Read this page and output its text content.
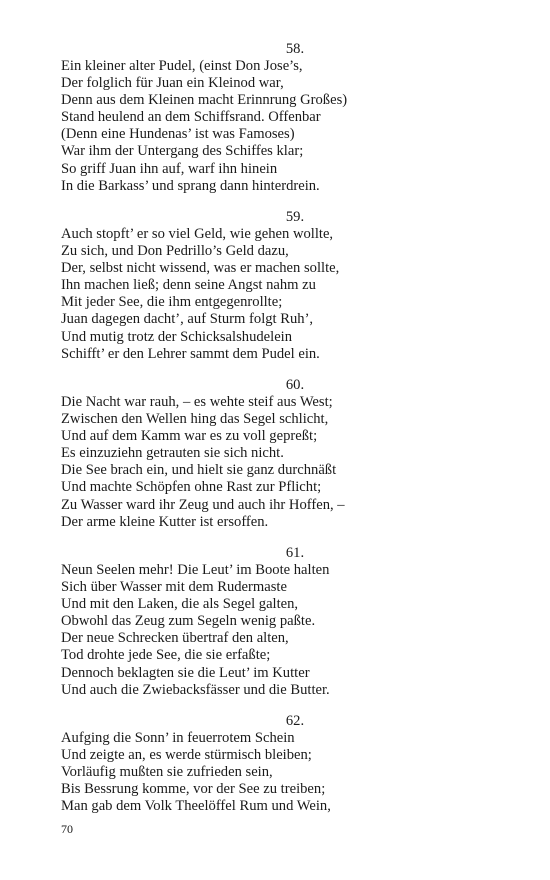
58.
Ein kleiner alter Pudel, (einst Don Jose’s,
Der folglich für Juan ein Kleinod war,
Denn aus dem Kleinen macht Erinnrung Großes)
Stand heulend an dem Schiffsrand. Offenbar
(Denn eine Hundenas’ ist was Famoses)
War ihm der Untergang des Schiffes klar;
So griff Juan ihn auf, warf ihn hinein
In die Barkass’ und sprang dann hinterdrein.
59.
Auch stopft’ er so viel Geld, wie gehen wollte,
Zu sich, und Don Pedrillo’s Geld dazu,
Der, selbst nicht wissend, was er machen sollte,
Ihn machen ließ; denn seine Angst nahm zu
Mit jeder See, die ihm entgegenrollte;
Juan dagegen dacht’, auf Sturm folgt Ruh’,
Und mutig trotz der Schicksalshudelein
Schifft’ er den Lehrer sammt dem Pudel ein.
60.
Die Nacht war rauh, – es wehte steif aus West;
Zwischen den Wellen hing das Segel schlicht,
Und auf dem Kamm war es zu voll gepreßt;
Es einzuziehn getrauten sie sich nicht.
Die See brach ein, und hielt sie ganz durchnäßt
Und machte Schöpfen ohne Rast zur Pflicht;
Zu Wasser ward ihr Zeug und auch ihr Hoffen, –
Der arme kleine Kutter ist ersoffen.
61.
Neun Seelen mehr! Die Leut’ im Boote halten
Sich über Wasser mit dem Rudermaste
Und mit den Laken, die als Segel galten,
Obwohl das Zeug zum Segeln wenig paßte.
Der neue Schrecken übertraf den alten,
Tod drohte jede See, die sie erfaßte;
Dennoch beklagten sie die Leut’ im Kutter
Und auch die Zwiebacksfässer und die Butter.
62.
Aufging die Sonn’ in feuerrotem Schein
Und zeigte an, es werde stürmisch bleiben;
Vorläufig mußten sie zufrieden sein,
Bis Bessrung komme, vor der See zu treiben;
Man gab dem Volk Theelöffel Rum und Wein,
70
